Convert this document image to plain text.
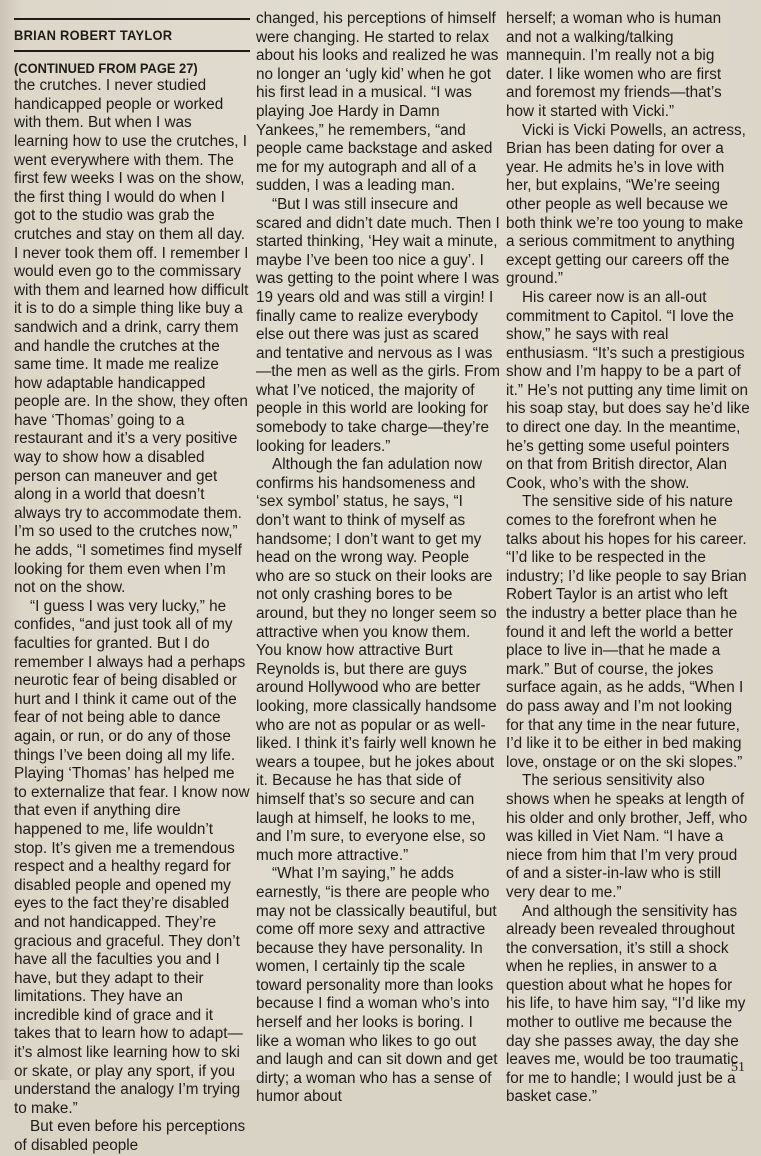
BRIAN ROBERT TAYLOR
(CONTINUED FROM PAGE 27)

the crutches. I never studied handicapped people or worked with them. But when I was learning how to use the crutches, I went everywhere with them. The first few weeks I was on the show, the first thing I would do when I got to the studio was grab the crutches and stay on them all day. I never took them off. I remember I would even go to the commissary with them and learned how difficult it is to do a simple thing like buy a sandwich and a drink, carry them and handle the crutches at the same time. It made me realize how adaptable handicapped people are. In the show, they often have ‘Thomas’ going to a restaurant and it’s a very positive way to show how a disabled person can maneuver and get along in a world that doesn’t always try to accommodate them. I’m so used to the crutches now,” he adds, “I sometimes find myself looking for them even when I’m not on the show.

“I guess I was very lucky,” he confides, “and just took all of my faculties for granted. But I do remember I always had a perhaps neurotic fear of being disabled or hurt and I think it came out of the fear of not being able to dance again, or run, or do any of those things I’ve been doing all my life. Playing ‘Thomas’ has helped me to externalize that fear. I know now that even if anything dire happened to me, life wouldn’t stop. It’s given me a tremendous respect and a healthy regard for disabled people and opened my eyes to the fact they’re disabled and not handicapped. They’re gracious and graceful. They don’t have all the faculties you and I have, but they adapt to their limitations. They have an incredible kind of grace and it takes that to learn how to adapt—it’s almost like learning how to ski or skate, or play any sport, if you understand the analogy I’m trying to make.”

But even before his perceptions of disabled people

changed, his perceptions of himself were changing. He started to relax about his looks and realized he was no longer an ‘ugly kid’ when he got his first lead in a musical. “I was playing Joe Hardy in Damn Yankees,” he remembers, “and people came backstage and asked me for my autograph and all of a sudden, I was a leading man.

“But I was still insecure and scared and didn’t date much. Then I started thinking, ‘Hey wait a minute, maybe I’ve been too nice a guy’. I was getting to the point where I was 19 years old and was still a virgin! I finally came to realize everybody else out there was just as scared and tentative and nervous as I was—the men as well as the girls. From what I’ve noticed, the majority of people in this world are looking for somebody to take charge—they’re looking for leaders.”

Although the fan adulation now confirms his handsomeness and ‘sex symbol’ status, he says, “I don’t want to think of myself as handsome; I don’t want to get my head on the wrong way. People who are so stuck on their looks are not only crashing bores to be around, but they no longer seem so attractive when you know them. You know how attractive Burt Reynolds is, but there are guys around Hollywood who are better looking, more classically handsome who are not as popular or as well-liked. I think it’s fairly well known he wears a toupee, but he jokes about it. Because he has that side of himself that’s so secure and can laugh at himself, he looks to me, and I’m sure, to everyone else, so much more attractive.”

“What I’m saying,” he adds earnestly, “is there are people who may not be classically beautiful, but come off more sexy and attractive because they have personality. In women, I certainly tip the scale toward personality more than looks because I find a woman who’s into herself and her looks is boring. I like a woman who likes to go out and laugh and can sit down and get dirty; a woman who has a sense of humor about

herself; a woman who is human and not a walking/talking mannequin. I’m really not a big dater. I like women who are first and foremost my friends—that’s how it started with Vicki.”

Vicki is Vicki Powells, an actress, Brian has been dating for over a year. He admits he’s in love with her, but explains, “We’re seeing other people as well because we both think we’re too young to make a serious commitment to anything except getting our careers off the ground.”

His career now is an all-out commitment to Capitol. “I love the show,” he says with real enthusiasm. “It’s such a prestigious show and I’m happy to be a part of it.” He’s not putting any time limit on his soap stay, but does say he’d like to direct one day. In the meantime, he’s getting some useful pointers on that from British director, Alan Cook, who’s with the show.

The sensitive side of his nature comes to the forefront when he talks about his hopes for his career. “I’d like to be respected in the industry; I’d like people to say Brian Robert Taylor is an artist who left the industry a better place than he found it and left the world a better place to live in—that he made a mark.” But of course, the jokes surface again, as he adds, “When I do pass away and I’m not looking for that any time in the near future, I’d like it to be either in bed making love, onstage or on the ski slopes.”

The serious sensitivity also shows when he speaks at length of his older and only brother, Jeff, who was killed in Viet Nam. “I have a niece from him that I’m very proud of and a sister-in-law who is still very dear to me.”

And although the sensitivity has already been revealed throughout the conversation, it’s still a shock when he replies, in answer to a question about what he hopes for his life, to have him say, “I’d like my mother to outlive me because the day she passes away, the day she leaves me, would be too traumatic for me to handle; I would just be a basket case.”

51
